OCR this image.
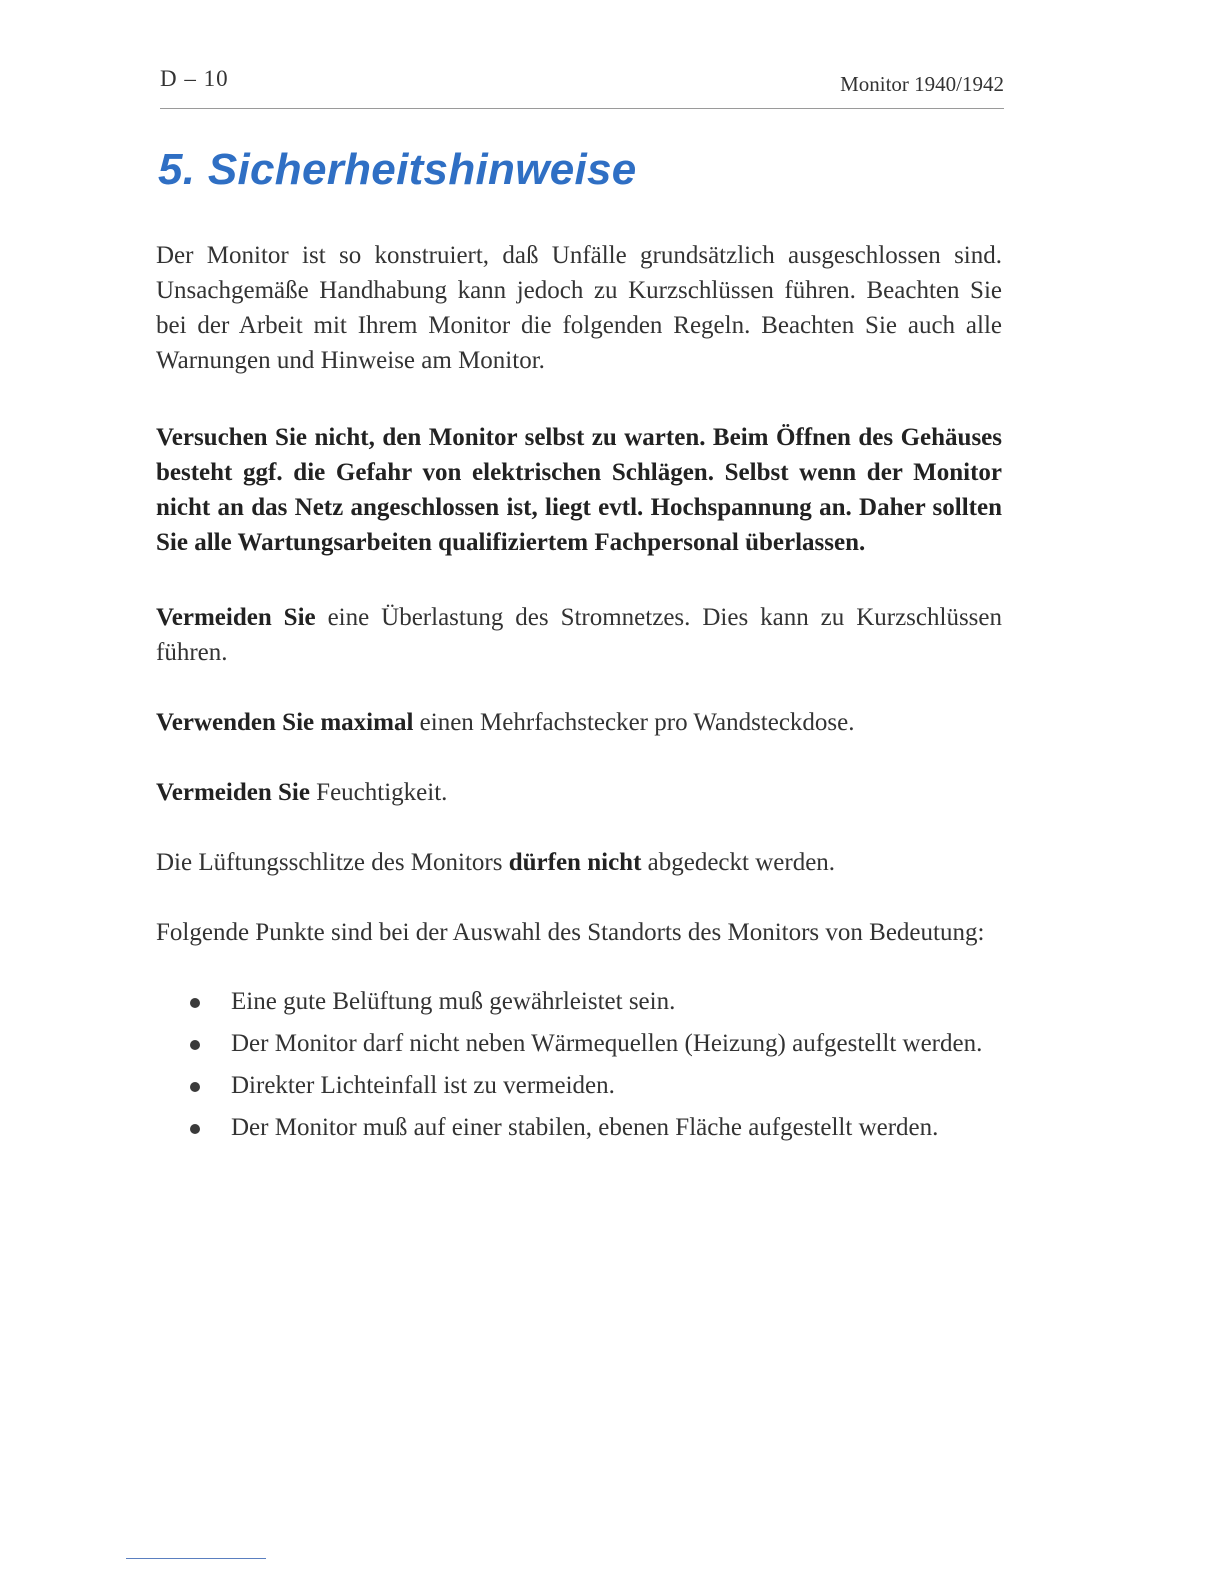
D – 10	Monitor 1940/1942
5. Sicherheitshinweise

Der Monitor ist so konstruiert, daß Unfälle grundsätzlich ausgeschlossen sind. Unsachgemäße Handhabung kann jedoch zu Kurzschlüssen führen. Beachten Sie bei der Arbeit mit Ihrem Monitor die folgenden Regeln. Beachten Sie auch alle Warnungen und Hinweise am Monitor.

Versuchen Sie nicht, den Monitor selbst zu warten. Beim Öffnen des Gehäuses besteht ggf. die Gefahr von elektrischen Schlägen. Selbst wenn der Monitor nicht an das Netz angeschlossen ist, liegt evtl. Hochspannung an. Daher sollten Sie alle Wartungsarbeiten qualifiziertem Fachpersonal überlassen.

Vermeiden Sie eine Überlastung des Stromnetzes. Dies kann zu Kurzschlüssen führen.

Verwenden Sie maximal einen Mehrfachstecker pro Wandsteckdose.

Vermeiden Sie Feuchtigkeit.

Die Lüftungsschlitze des Monitors dürfen nicht abgedeckt werden.

Folgende Punkte sind bei der Auswahl des Standorts des Monitors von Bedeutung:

Eine gute Belüftung muß gewährleistet sein.
Der Monitor darf nicht neben Wärmequellen (Heizung) aufgestellt werden.
Direkter Lichteinfall ist zu vermeiden.
Der Monitor muß auf einer stabilen, ebenen Fläche aufgestellt werden.
